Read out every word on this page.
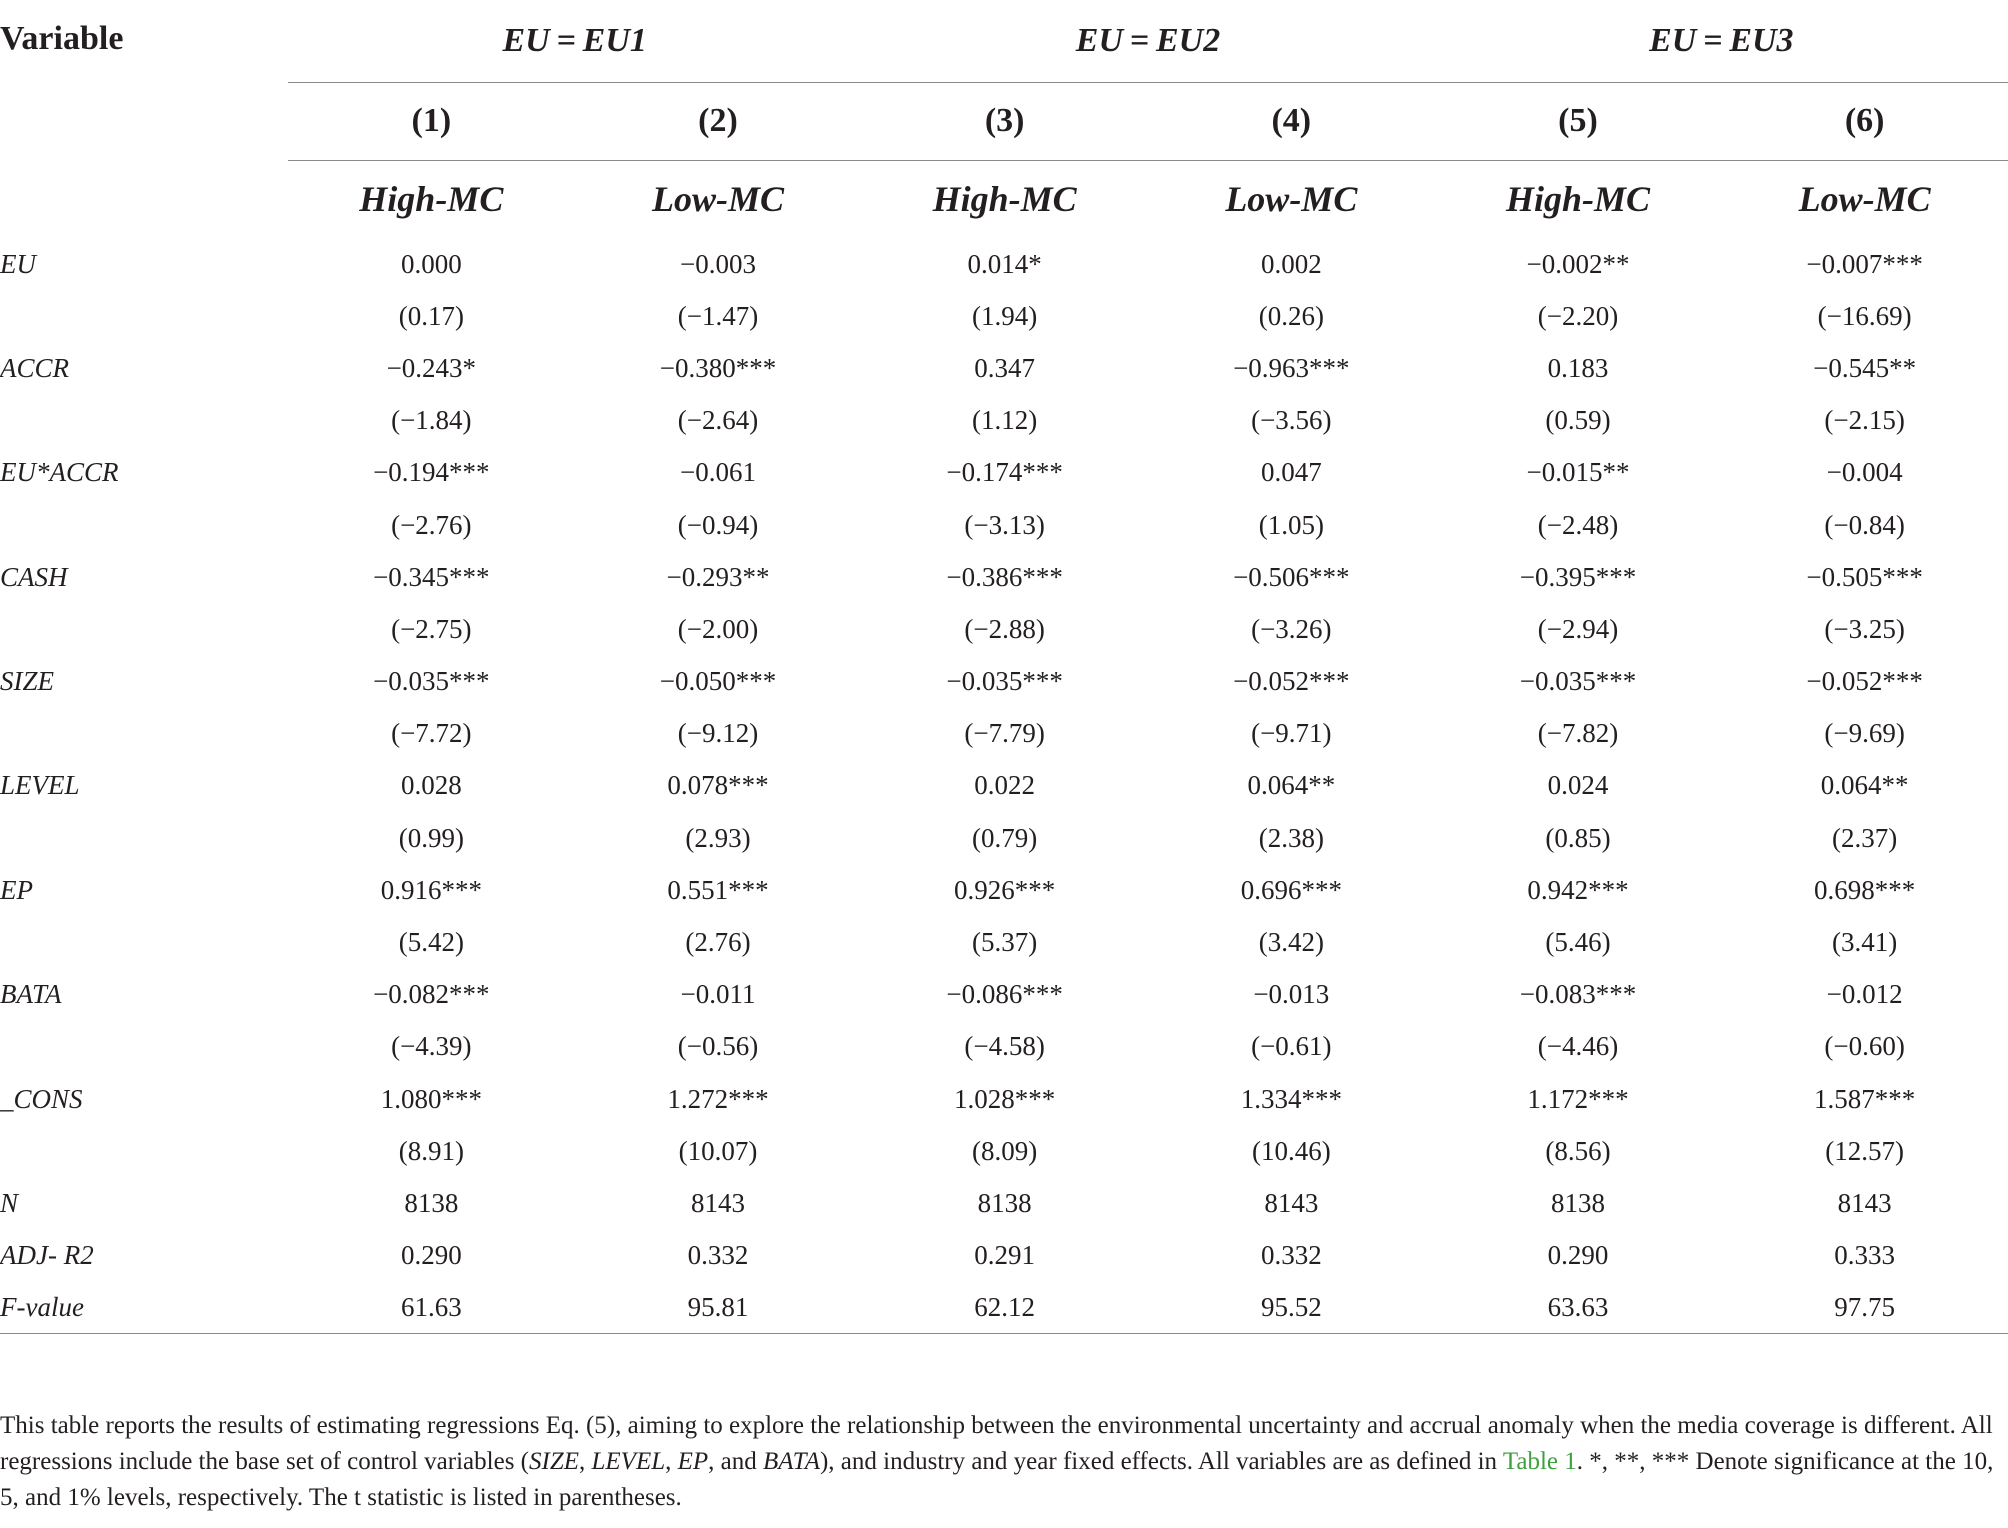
Variable	EU = EU1		EU = EU2		EU = EU3	
	(1)	(2)	(3)	(4)	(5)	(6)
	High-MC	Low-MC	High-MC	Low-MC	High-MC	Low-MC
EU	0.000	−0.003	0.014*	0.002	−0.002**	−0.007***
	(0.17)	(−1.47)	(1.94)	(0.26)	(−2.20)	(−16.69)
ACCR	−0.243*	−0.380***	0.347	−0.963***	0.183	−0.545**
	(−1.84)	(−2.64)	(1.12)	(−3.56)	(0.59)	(−2.15)
EU*ACCR	−0.194***	−0.061	−0.174***	0.047	−0.015**	−0.004
	(−2.76)	(−0.94)	(−3.13)	(1.05)	(−2.48)	(−0.84)
CASH	−0.345***	−0.293**	−0.386***	−0.506***	−0.395***	−0.505***
	(−2.75)	(−2.00)	(−2.88)	(−3.26)	(−2.94)	(−3.25)
SIZE	−0.035***	−0.050***	−0.035***	−0.052***	−0.035***	−0.052***
	(−7.72)	(−9.12)	(−7.79)	(−9.71)	(−7.82)	(−9.69)
LEVEL	0.028	0.078***	0.022	0.064**	0.024	0.064**
	(0.99)	(2.93)	(0.79)	(2.38)	(0.85)	(2.37)
EP	0.916***	0.551***	0.926***	0.696***	0.942***	0.698***
	(5.42)	(2.76)	(5.37)	(3.42)	(5.46)	(3.41)
BATA	−0.082***	−0.011	−0.086***	−0.013	−0.083***	−0.012
	(−4.39)	(−0.56)	(−4.58)	(−0.61)	(−4.46)	(−0.60)
_CONS	1.080***	1.272***	1.028***	1.334***	1.172***	1.587***
	(8.91)	(10.07)	(8.09)	(10.46)	(8.56)	(12.57)
N	8138	8143	8138	8143	8138	8143
ADJ- R2	0.290	0.332	0.291	0.332	0.290	0.333
F-value	61.63	95.81	62.12	95.52	63.63	97.75

This table reports the results of estimating regressions Eq. (5), aiming to explore the relationship between the environmental uncertainty and accrual anomaly when the media coverage is different. All regressions include the base set of control variables (SIZE, LEVEL, EP, and BATA), and industry and year fixed effects. All variables are as defined in Table 1. *, **, *** Denote significance at the 10, 5, and 1% levels, respectively. The t statistic is listed in parentheses.
